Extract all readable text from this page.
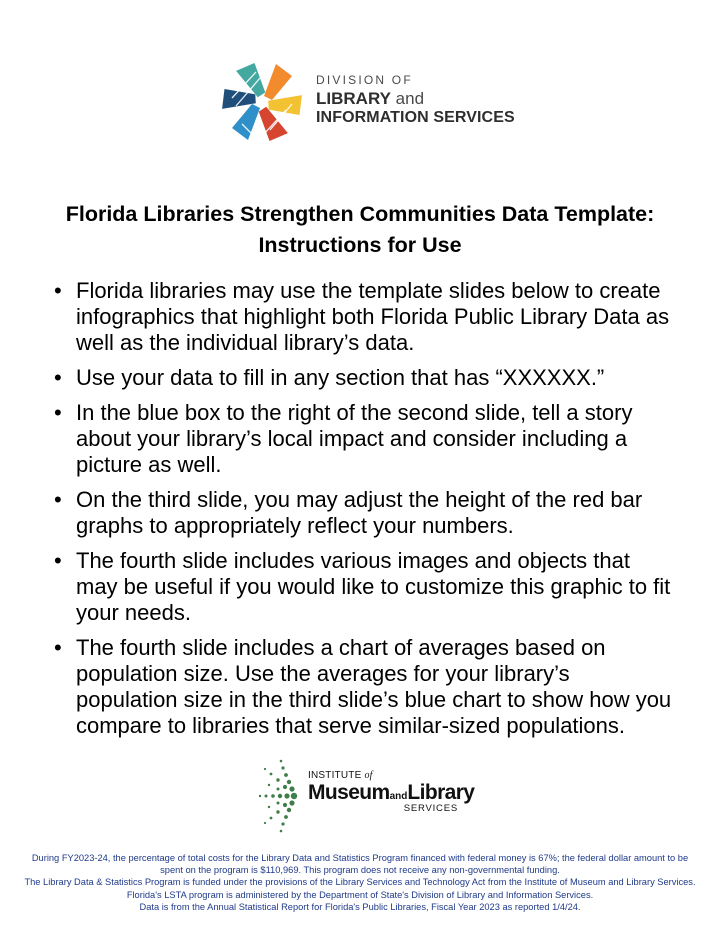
DIVISION OF
LIBRARY and
INFORMATION SERVICES
Florida Libraries Strengthen Communities Data Template:
Instructions for Use
• Florida libraries may use the template slides below to create infographics that highlight both Florida Public Library Data as well as the individual library’s data.
• Use your data to fill in any section that has “XXXXXX.”
• In the blue box to the right of the second slide, tell a story about your library’s local impact and consider including a picture as well.
• On the third slide, you may adjust the height of the red bar graphs to appropriately reflect your numbers.
• The fourth slide includes various images and objects that may be useful if you would like to customize this graphic to fit your needs.
• The fourth slide includes a chart of averages based on population size. Use the averages for your library’s population size in the third slide’s blue chart to show how you compare to libraries that serve similar-sized populations.
INSTITUTE of
MuseumandLibrary
SERVICES

During FY2023-24, the percentage of total costs for the Library Data and Statistics Program financed with federal money is 67%; the federal dollar amount to be

spent on the program is $110,969. This program does not receive any non-governmental funding.

The Library Data & Statistics Program is funded under the provisions of the Library Services and Technology Act from the Institute of Museum and Library Services.

Florida's LSTA program is administered by the Department of State's Division of Library and Information Services.

Data is from the Annual Statistical Report for Florida's Public Libraries, Fiscal Year 2023 as reported 1/4/24.
